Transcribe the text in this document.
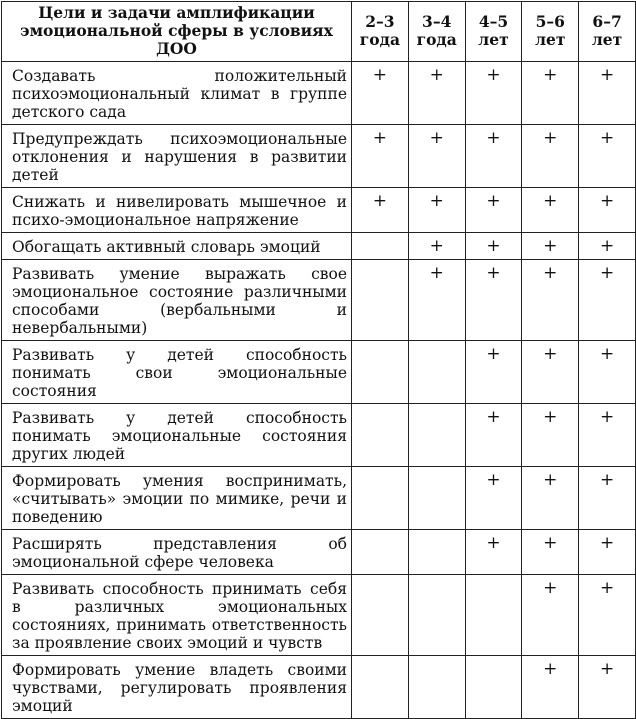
Цели и задачи амплификации эмоциональной сферы в условиях ДОО	2–3 года	3–4 года	4–5 лет	5–6 лет	6–7 лет
Создавать положительный психоэмоциональный климат в группе детского сада	+	+	+	+	+
Предупреждать психоэмоциональные отклонения и нарушения в развитии детей	+	+	+	+	+
Снижать и нивелировать мышечное и психо-эмоциональное напряжение	+	+	+	+	+
Обогащать активный словарь эмоций		+	+	+	+
Развивать умение выражать свое эмоциональное состояние различными способами (вербальными и невербальными)		+	+	+	+
Развивать у детей способность понимать свои эмоциональные состояния			+	+	+
Развивать у детей способность понимать эмоциональные состояния других людей			+	+	+
Формировать умения воспринимать, «считывать» эмоции по мимике, речи и поведению			+	+	+
Расширять представления об эмоциональной сфере человека			+	+	+
Развивать способность принимать себя в различных эмоциональных состояниях, принимать ответственность за проявление своих эмоций и чувств				+	+
Формировать умение владеть своими чувствами, регулировать проявления эмоций				+	+
